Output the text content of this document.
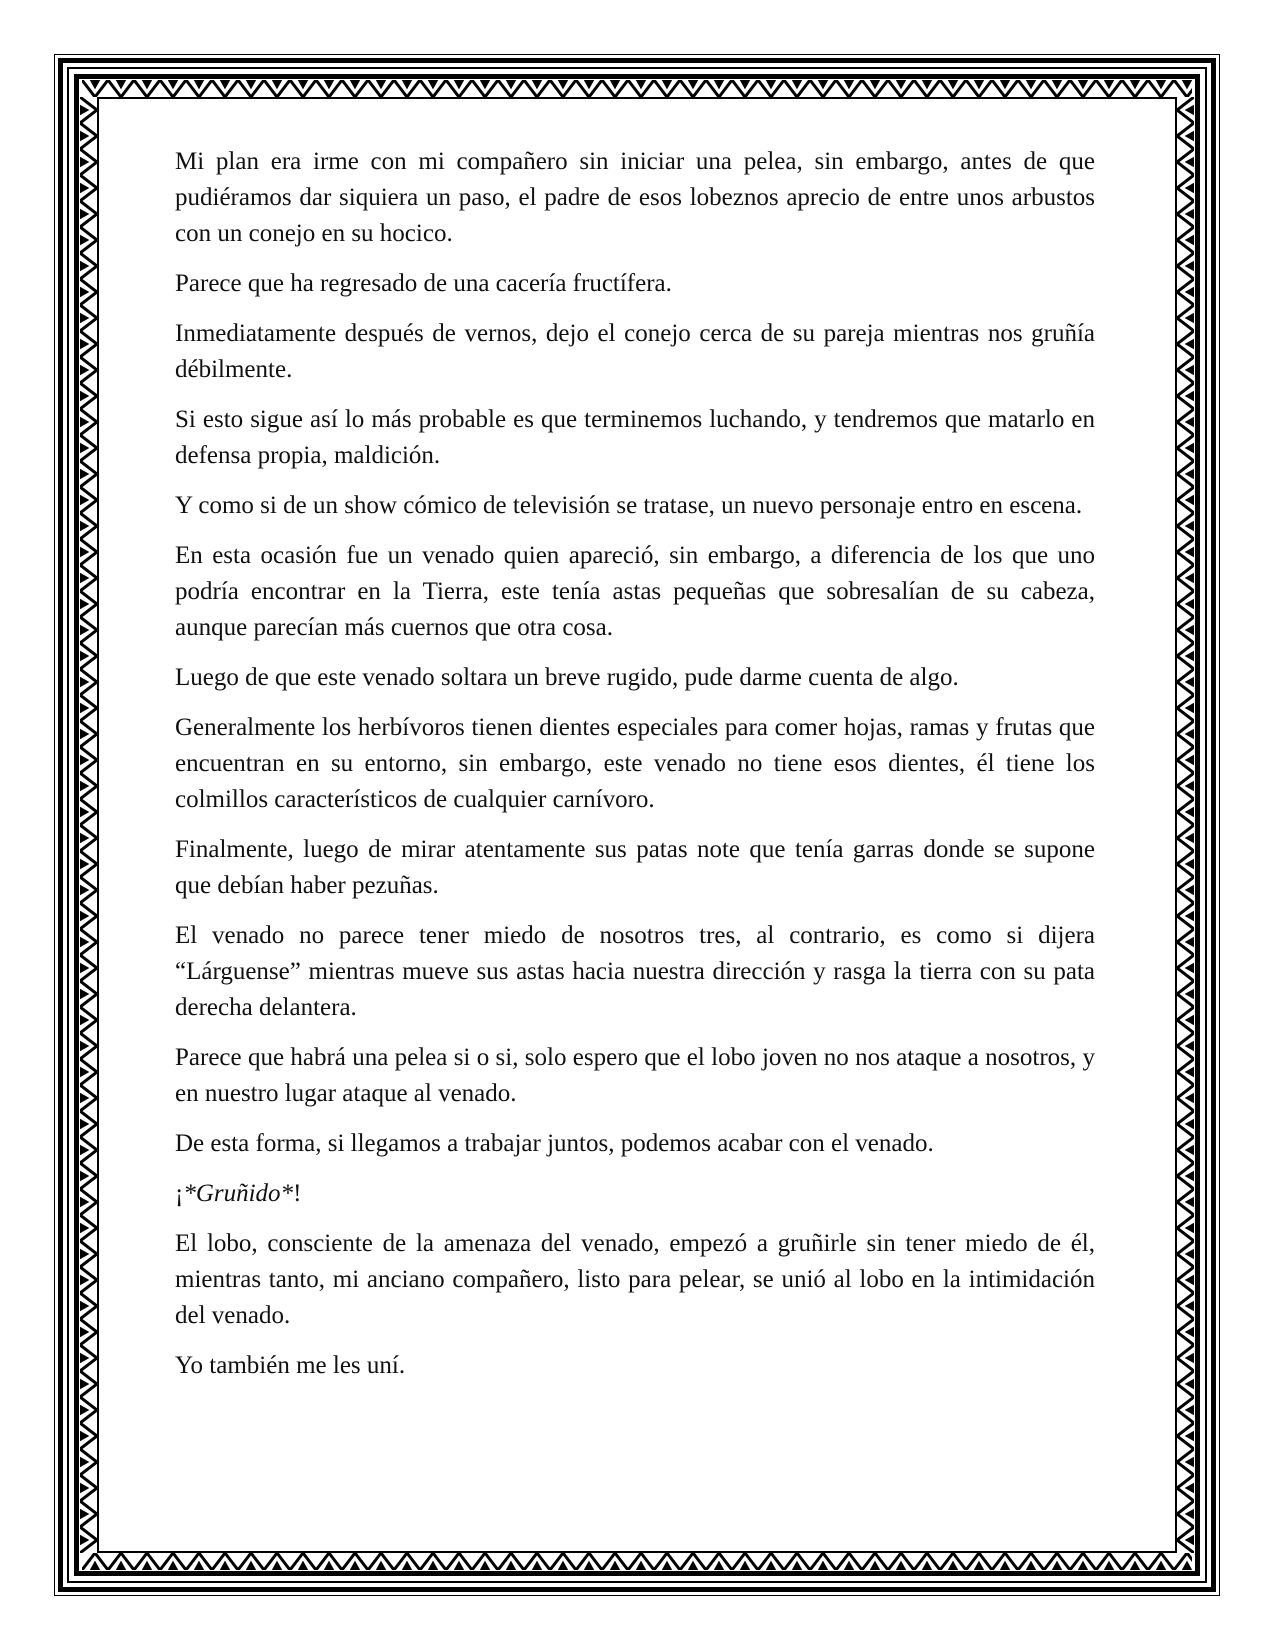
Mi plan era irme con mi compañero sin iniciar una pelea, sin embargo, antes de que pudiéramos dar siquiera un paso, el padre de esos lobeznos aprecio de entre unos arbustos con un conejo en su hocico.

Parece que ha regresado de una cacería fructífera.

Inmediatamente después de vernos, dejo el conejo cerca de su pareja mientras nos gruñía débilmente.

Si esto sigue así lo más probable es que terminemos luchando, y tendremos que matarlo en defensa propia, maldición.

Y como si de un show cómico de televisión se tratase, un nuevo personaje entro en escena.

En esta ocasión fue un venado quien apareció, sin embargo, a diferencia de los que uno podría encontrar en la Tierra, este tenía astas pequeñas que sobresalían de su cabeza, aunque parecían más cuernos que otra cosa.

Luego de que este venado soltara un breve rugido, pude darme cuenta de algo.

Generalmente los herbívoros tienen dientes especiales para comer hojas, ramas y frutas que encuentran en su entorno, sin embargo, este venado no tiene esos dientes, él tiene los colmillos característicos de cualquier carnívoro.

Finalmente, luego de mirar atentamente sus patas note que tenía garras donde se supone que debían haber pezuñas.

El venado no parece tener miedo de nosotros tres, al contrario, es como si dijera “Lárguense” mientras mueve sus astas hacia nuestra dirección y rasga la tierra con su pata derecha delantera.

Parece que habrá una pelea si o si, solo espero que el lobo joven no nos ataque a nosotros, y en nuestro lugar ataque al venado.

De esta forma, si llegamos a trabajar juntos, podemos acabar con el venado.

¡*Gruñido*!

El lobo, consciente de la amenaza del venado, empezó a gruñirle sin tener miedo de él, mientras tanto, mi anciano compañero, listo para pelear, se unió al lobo en la intimidación del venado.

Yo también me les uní.
